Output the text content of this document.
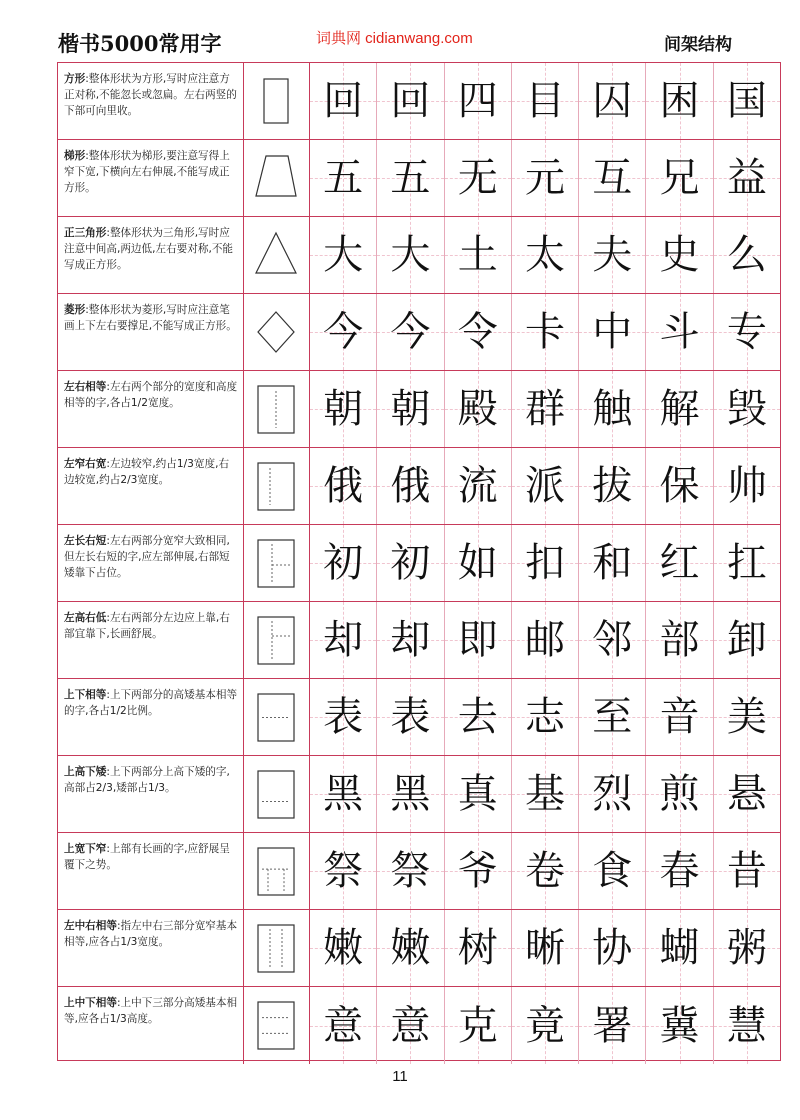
楷书5000常用字	词典网 cidianwang.com	间架结构
方形:整体形状为方形,写时应注意方正对称,不能忽长或忽扁。左右两竖的下部可向里收。	回 回 四 目 囚 困 国
梯形:整体形状为梯形,要注意写得上窄下宽,下横向左右伸展,不能写成正方形。	五 五 无 元 互 兄 益
正三角形:整体形状为三角形,写时应注意中间高,两边低,左右要对称,不能写成正方形。	大 大 土 太 夫 史 么
菱形:整体形状为菱形,写时应注意笔画上下左右要撑足,不能写成正方形。 今 今 令 卡 中 斗 专
左右相等:左右两个部分的宽度和高度相等的字,各占1/2宽度。	朝 朝 殿 群 触 解 毁
左窄右宽:左边较窄,约占1/3宽度,右边较宽,约占2/3宽度。	俄 俄 流 派 拔 保 帅
左长右短:左右两部分宽窄大致相同,但左长右短的字,应左部伸展,右部短矮靠下占位。	初 初 如 扣 和 红 扛
左高右低:左右两部分左边应上靠,右部宜靠下,长画舒展。	却 却 即 邮 邻 部 卸
上下相等:上下两部分的高矮基本相等的字,各占1/2比例。	表 表 去 志 至 音 美
上高下矮:上下两部分上高下矮的字,高部占2/3,矮部占1/3。	黑 黑 真 基 烈 煎 悬
上宽下窄:上部有长画的字,应舒展呈覆下之势。	祭 祭 爷 卷 食 春 昔
左中右相等:指左中右三部分宽窄基本相等,应各占1/3宽度。	嫩 嫩 树 晰 协 蝴 粥
上中下相等:上中下三部分高矮基本相等,应各占1/3高度。	意 意 克 竟 署 冀 慧
11
